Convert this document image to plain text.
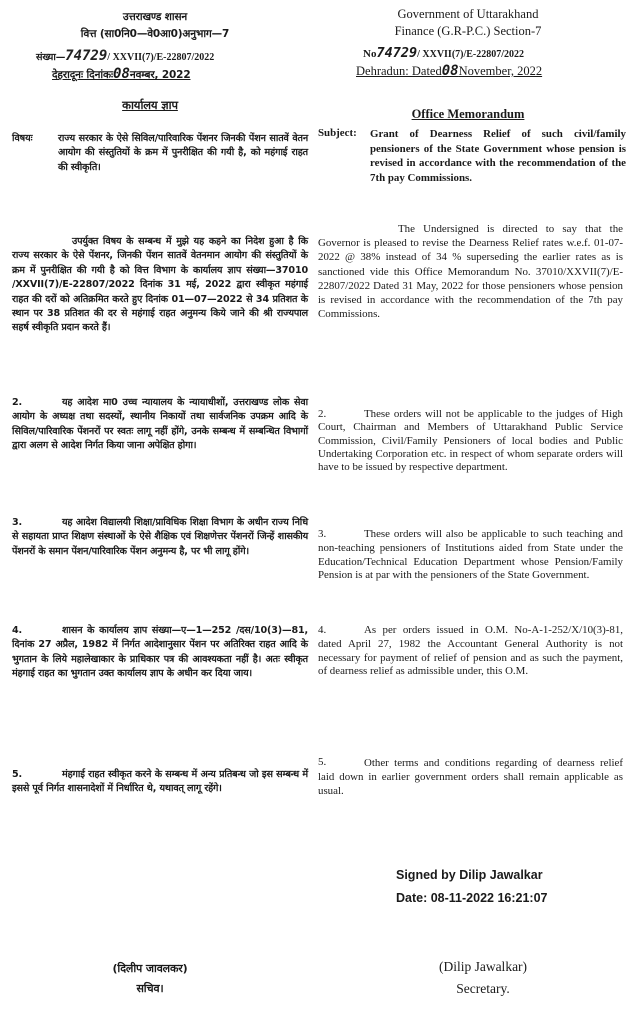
उत्तराखण्ड शासन
वित्त (सा0नि0—वे0आ0)अनुभाग—7
संख्या—74729/ XXVII(7)/E-22807/2022
देहरादूनः दिनांकः08नवम्बर, 2022
कार्यालय ज्ञाप
विषयः	राज्य सरकार के ऐसे सिविल/पारिवारिक पेंशनर जिनकी पेंशन सातवें वेतन आयोग की संस्तुतियों के क्रम में पुनरीक्षित की गयी है, को महंगाई राहत की स्वीकृति।

उपर्युक्त विषय के सम्बन्ध में मुझे यह कहने का निदेश हुआ है कि राज्य सरकार के ऐसे पेंशनर, जिनकी पेंशन सातवें वेतनमान आयोग की संस्तुतियों के क्रम में पुनरीक्षित की गयी है को वित्त विभाग के कार्यालय ज्ञाप संख्या—37010 /XXVII(7)/E-22807/2022 दिनांक 31 मई, 2022 द्वारा स्वीकृत महंगाई राहत की दरों को अतिक्रमित करते हुए दिनांक 01—07—2022 से 34 प्रतिशत के स्थान पर 38 प्रतिशत की दर से महंगाई राहत अनुमन्य किये जाने की श्री राज्यपाल सहर्ष स्वीकृति प्रदान करते हैं।

2.	यह आदेश मा0 उच्च न्यायालय के न्यायाधीशों, उत्तराखण्ड लोक सेवा आयोग के अध्यक्ष तथा सदस्यों, स्थानीय निकायों तथा सार्वजनिक उपक्रम आदि के सिविल/पारिवारिक पेंशनरों पर स्वतः लागू नहीं होंगे, उनके सम्बन्ध में सम्बन्धित विभागों द्वारा अलग से आदेश निर्गत किया जाना अपेक्षित होगा।

3.	यह आदेश विद्यालयी शिक्षा/प्राविधिक शिक्षा विभाग के अधीन राज्य निधि से सहायता प्राप्त शिक्षण संस्थाओं के ऐसे शैक्षिक एवं शिक्षणेत्तर पेंशनरों जिन्हें शासकीय पेंशनरों के समान पेंशन/पारिवारिक पेंशन अनुमन्य है, पर भी लागू होंगे।

4.	शासन के कार्यालय ज्ञाप संख्या—ए—1—252 /दस/10(3)—81, दिनांक 27 अप्रैल, 1982 में निर्गत आदेशानुसार पेंशन पर अतिरिक्त राहत आदि के भुगतान के लिये महालेखाकार के प्राधिकार पत्र की आवश्यकता नहीं है। अतः स्वीकृत मंहगाई राहत का भुगतान उक्त कार्यालय ज्ञाप के अधीन कर दिया जाय।

5.	मंहगाई राहत स्वीकृत करने के सम्बन्ध में अन्य प्रतिबन्ध जो इस सम्बन्ध में इससे पूर्व निर्गत शासनादेशों में निर्धारित थे, यथावत् लागू रहेंगे।

(दिलीप जावलकर)
सचिव।
Government of Uttarakhand
Finance (G.R-P.C.) Section-7
No74729/ XXVII(7)/E-22807/2022
Dehradun: Dated08November, 2022
Office Memorandum
Subject: Grant of Dearness Relief of such civil/family pensioners of the State Government whose pension is revised in accordance with the recommendation of the 7th pay Commissions.

The Undersigned is directed to say that the Governor is pleased to revise the Dearness Relief rates w.e.f. 01-07-2022 @ 38% instead of 34 % superseding the earlier rates as is sanctioned vide this Office Memorandum No. 37010/XXVII(7)/E-22807/2022 Dated 31 May, 2022 for those pensioners whose pension is revised in accordance with the recommendation of the 7th pay Commissions.

2.	These orders will not be applicable to the judges of High Court, Chairman and Members of Uttarakhand Public Service Commission, Civil/Family Pensioners of local bodies and Public Undertaking Corporation etc. in respect of whom separate orders will have to be issued by respective department.

3.	These orders will also be applicable to such teaching and non-teaching pensioners of Institutions aided from State under the Education/Technical Education Department whose Pension/Family Pension is at par with the pensioners of the State Government.

4.	As per orders issued in O.M. No-A-1-252/X/10(3)-81, dated April 27, 1982 the Accountant General Authority is not necessary for payment of relief of pension and as such the payment, of dearness relief as admissible under, this O.M.

5.	Other terms and conditions regarding of dearness relief laid down in earlier government orders shall remain applicable as usual.

Signed by Dilip Jawalkar
Date: 08-11-2022 16:21:07
(Dilip Jawalkar)
Secretary.
